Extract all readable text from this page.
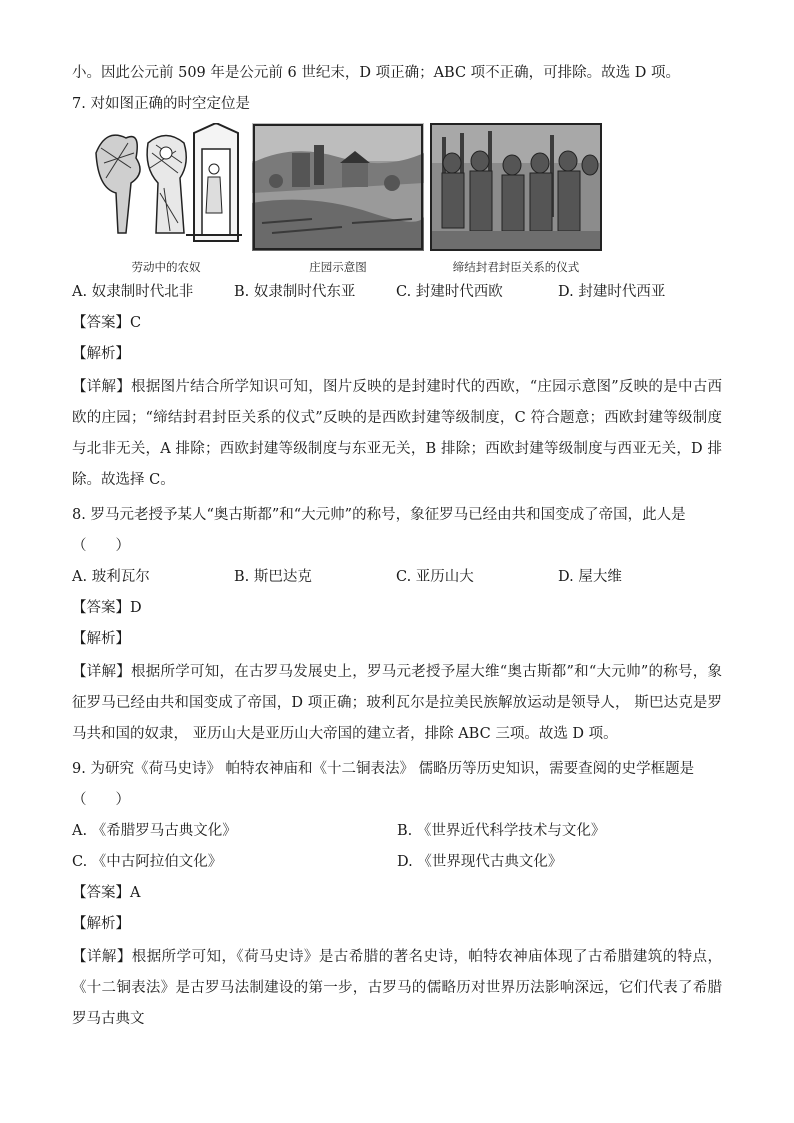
小。因此公元前 509 年是公元前 6 世纪末，D 项正确；ABC 项不正确，可排除。故选 D 项。

7. 对如图正确的时空定位是

劳动中的农奴	庄园示意图	缔结封君封臣关系的仪式
A. 奴隶制时代北非	B. 奴隶制时代东亚	C. 封建时代西欧	D. 封建时代西亚

【答案】C

【解析】

【详解】根据图片结合所学知识可知，图片反映的是封建时代的西欧，“庄园示意图”反映的是中古西欧的庄园；“缔结封君封臣关系的仪式”反映的是西欧封建等级制度，C 符合题意；西欧封建等级制度与北非无关，A 排除；西欧封建等级制度与东亚无关，B 排除；西欧封建等级制度与西亚无关，D 排除。故选择 C。

8. 罗马元老授予某人“奥古斯都”和“大元帅”的称号，象征罗马已经由共和国变成了帝国，此人是

（　　）

A. 玻利瓦尔	B. 斯巴达克	C. 亚历山大	D. 屋大维

【答案】D

【解析】

【详解】根据所学可知，在古罗马发展史上，罗马元老授予屋大维“奥古斯都”和“大元帅”的称号，象征罗马已经由共和国变成了帝国，D 项正确；玻利瓦尔是拉美民族解放运动是领导人， 斯巴达克是罗马共和国的奴隶， 亚历山大是亚历山大帝国的建立者，排除 ABC 三项。故选 D 项。

9. 为研究《荷马史诗》 帕特农神庙和《十二铜表法》 儒略历等历史知识，需要查阅的史学框题是

（　　）

A. 《希腊罗马古典文化》	B. 《世界近代科学技术与文化》
C. 《中古阿拉伯文化》	D. 《世界现代古典文化》

【答案】A

【解析】

【详解】根据所学可知，《荷马史诗》是古希腊的著名史诗，帕特农神庙体现了古希腊建筑的特点，《十二铜表法》是古罗马法制建设的第一步，古罗马的儒略历对世界历法影响深远，它们代表了希腊罗马古典文
